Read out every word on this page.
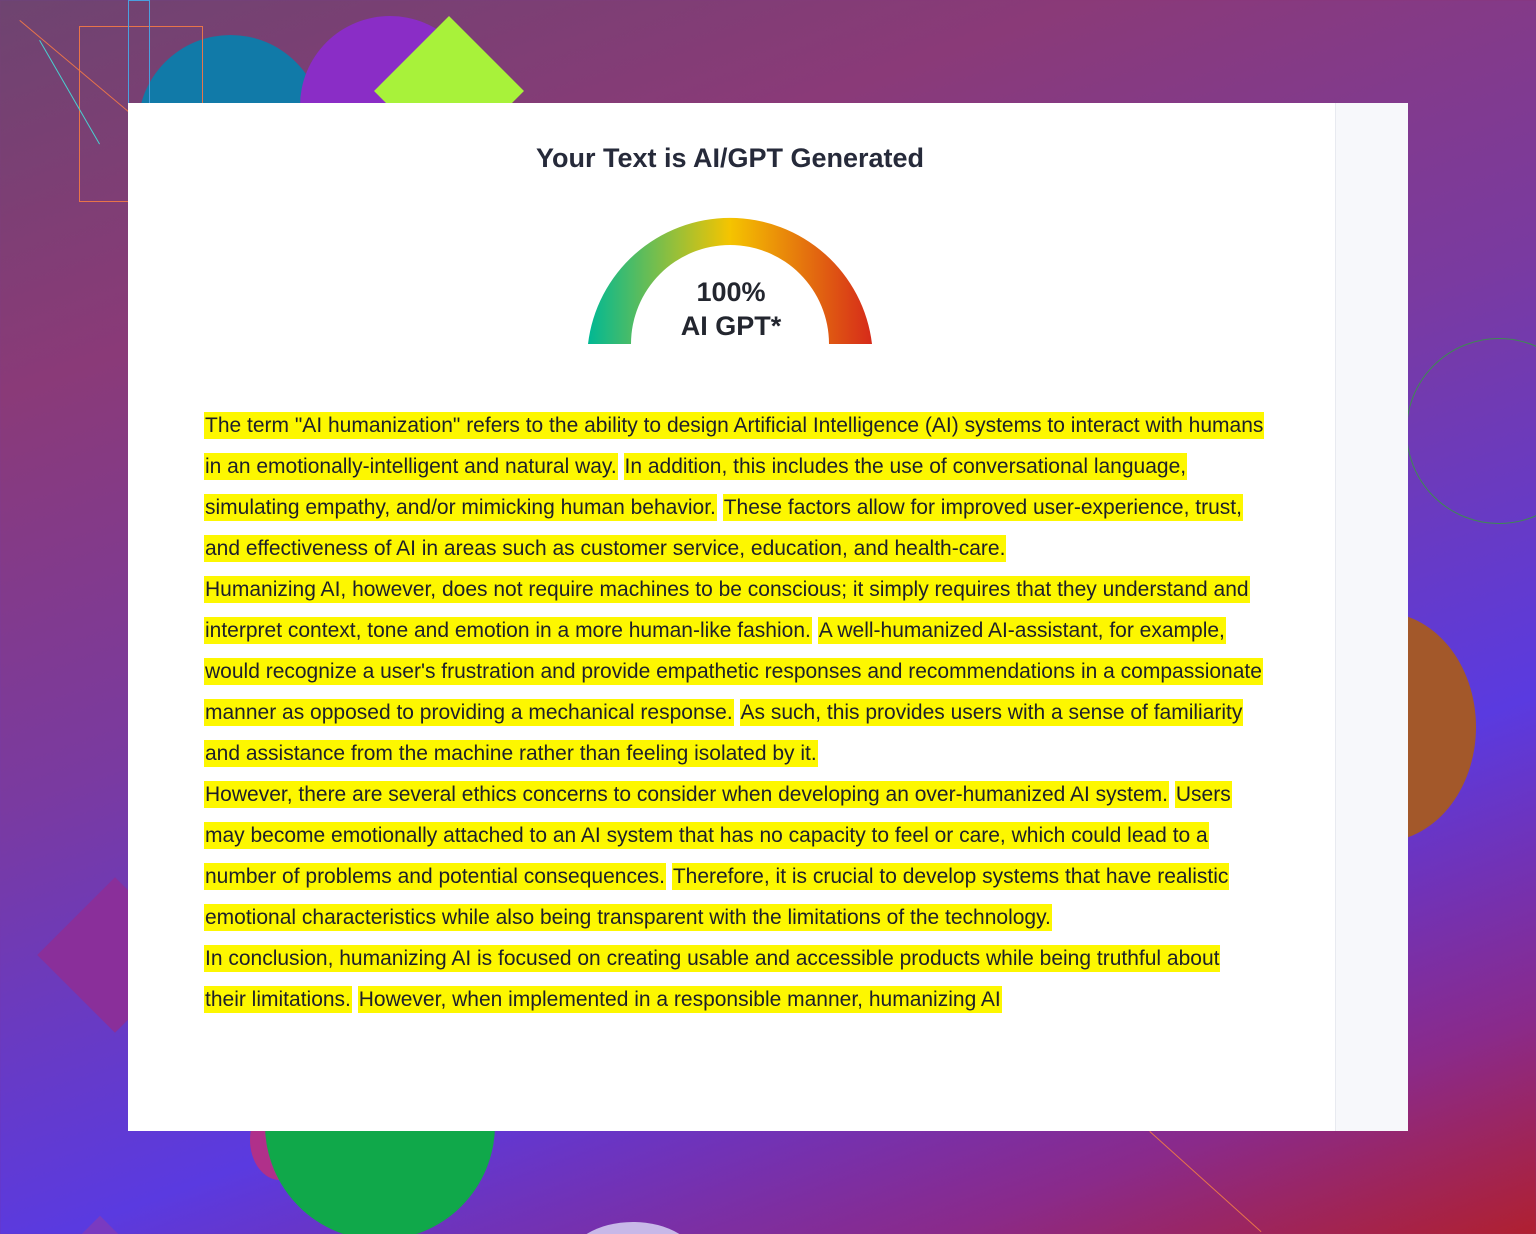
Your Text is AI/GPT Generated
100%
AI GPT*
The term "AI humanization" refers to the ability to design Artificial Intelligence (AI) systems to interact with humans in an emotionally-intelligent and natural way. In addition, this includes the use of conversational language, simulating empathy, and/or mimicking human behavior. These factors allow for improved user-experience, trust, and effectiveness of AI in areas such as customer service, education, and health-care.
Humanizing AI, however, does not require machines to be conscious; it simply requires that they understand and interpret context, tone and emotion in a more human-like fashion. A well-humanized AI-assistant, for example, would recognize a user's frustration and provide empathetic responses and recommendations in a compassionate manner as opposed to providing a mechanical response. As such, this provides users with a sense of familiarity and assistance from the machine rather than feeling isolated by it.
However, there are several ethics concerns to consider when developing an over-humanized AI system. Users may become emotionally attached to an AI system that has no capacity to feel or care, which could lead to a number of problems and potential consequences. Therefore, it is crucial to develop systems that have realistic emotional characteristics while also being transparent with the limitations of the technology.
In conclusion, humanizing AI is focused on creating usable and accessible products while being truthful about their limitations. However, when implemented in a responsible manner, humanizing AI
